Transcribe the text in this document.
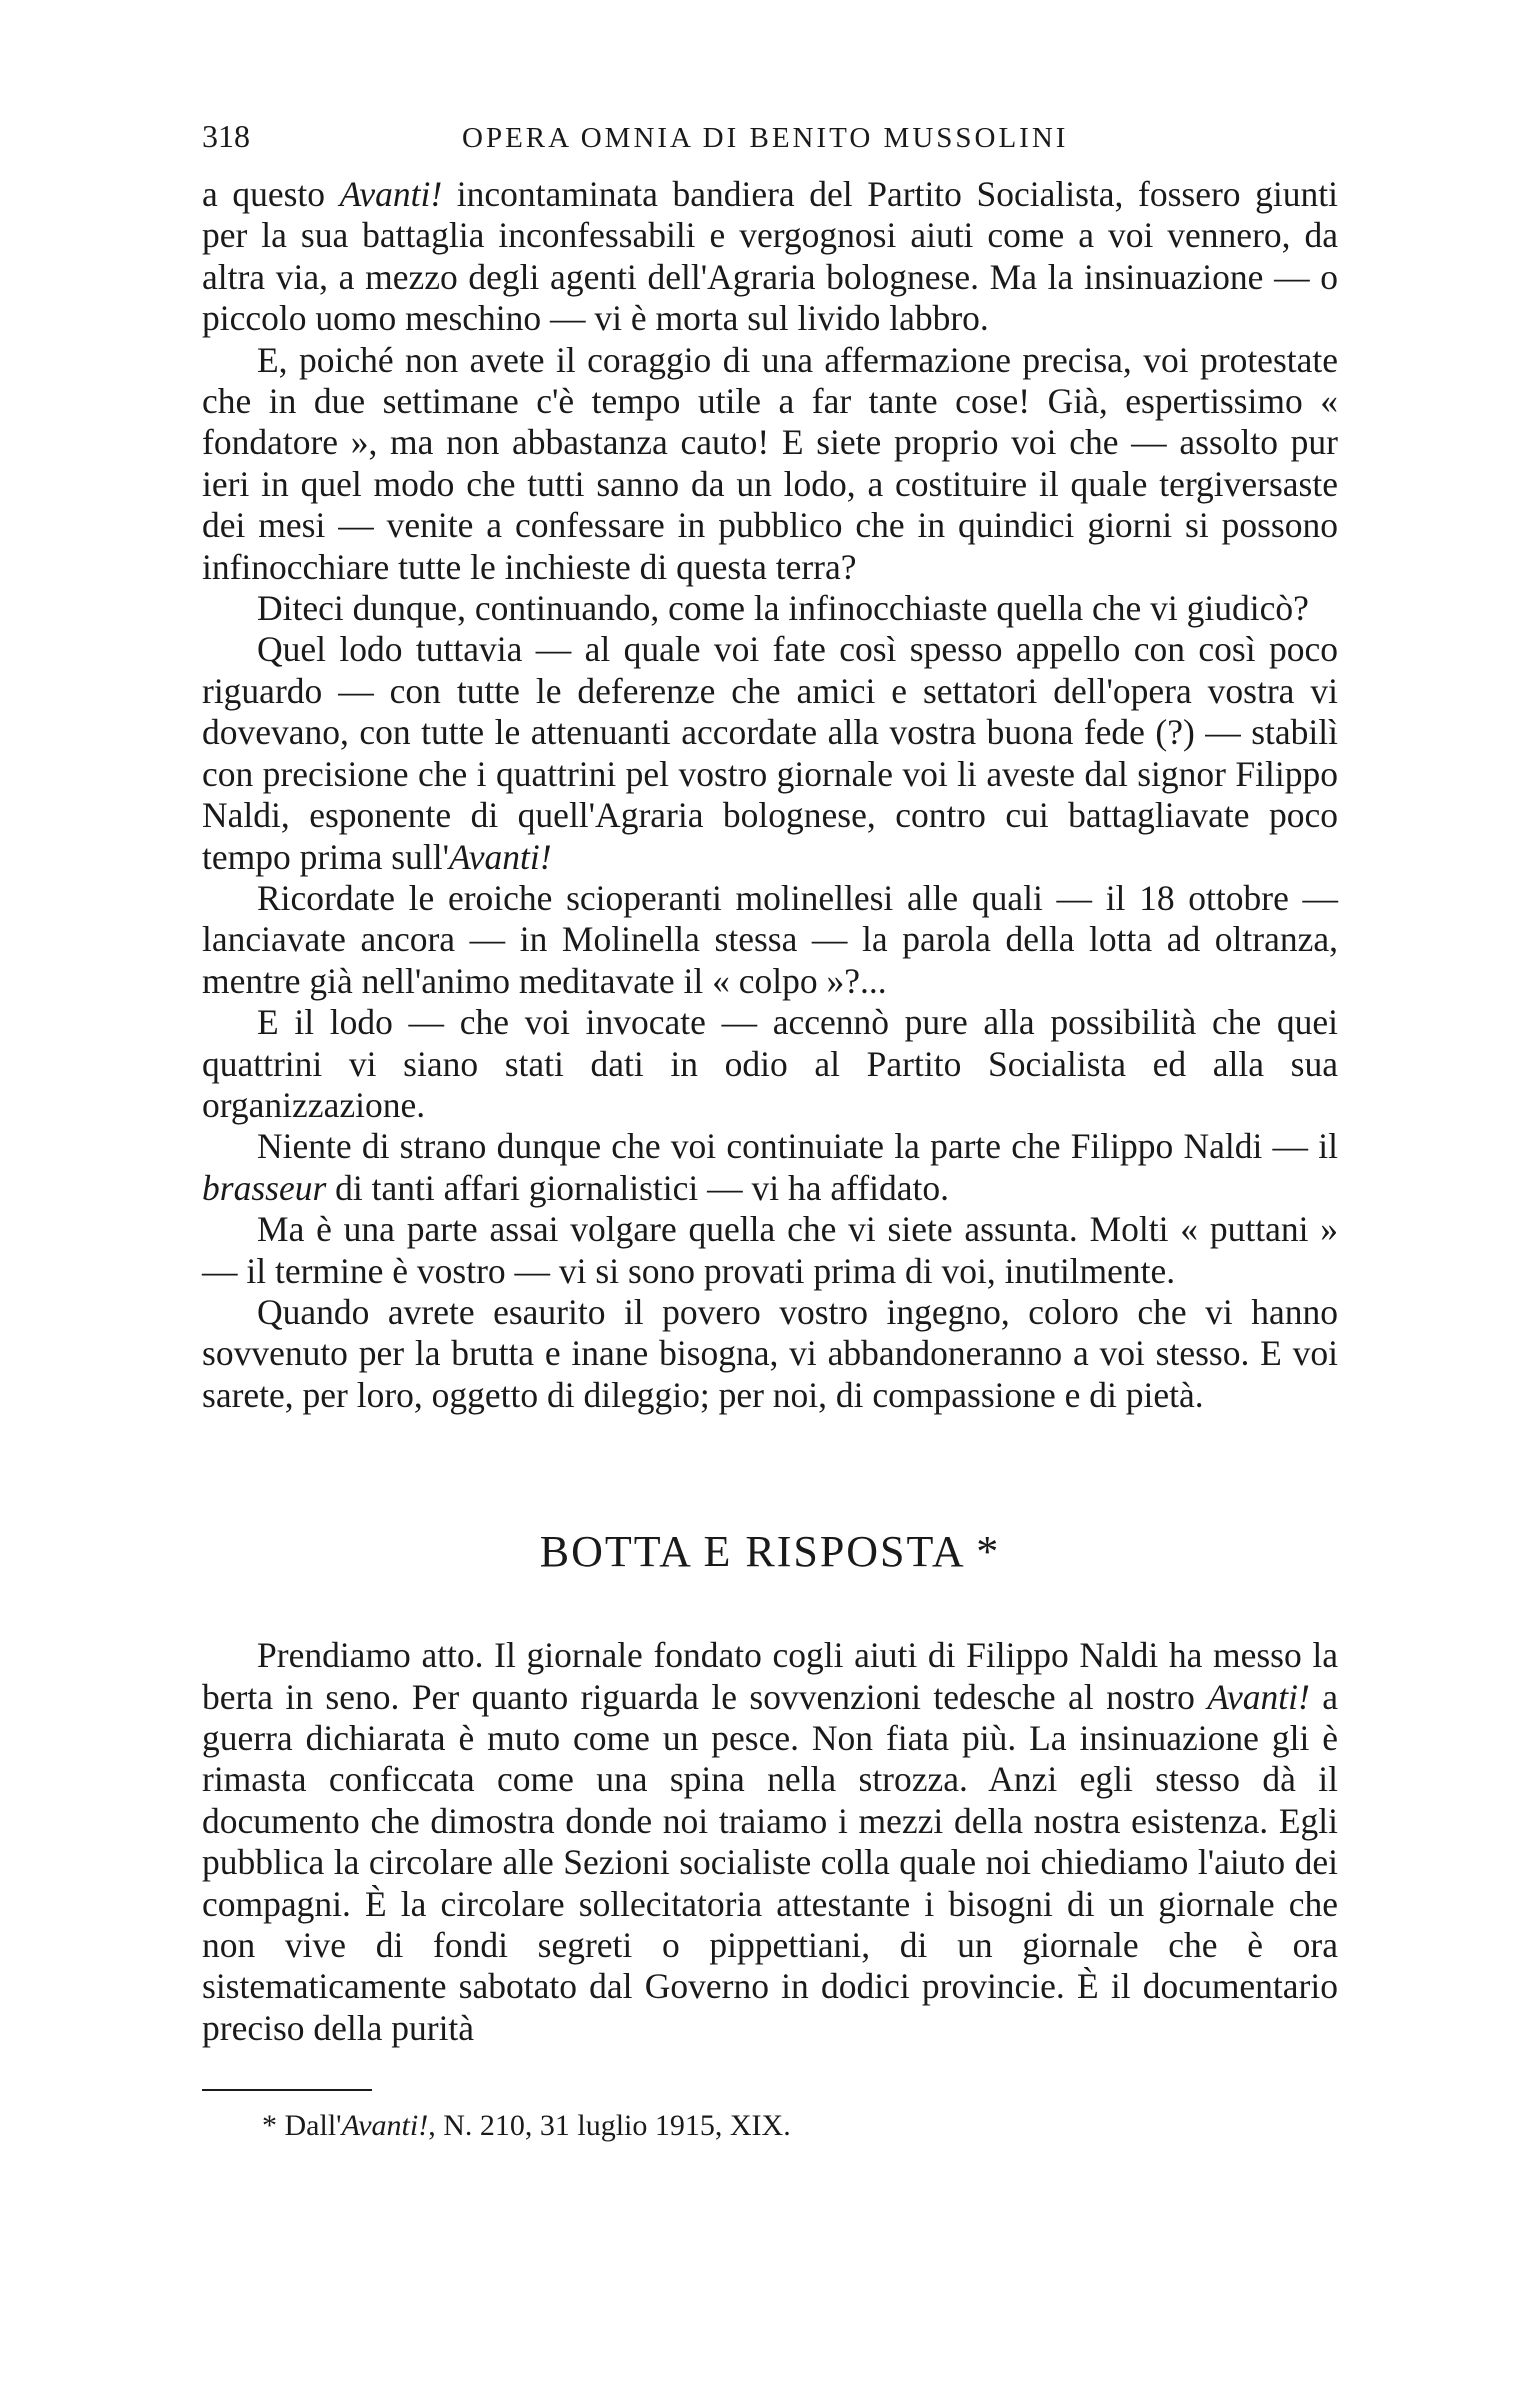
318	OPERA OMNIA DI BENITO MUSSOLINI

a questo Avanti! incontaminata bandiera del Partito Socialista, fossero giunti per la sua battaglia inconfessabili e vergognosi aiuti come a voi vennero, da altra via, a mezzo degli agenti dell'Agraria bolognese. Ma la insinuazione — o piccolo uomo meschino — vi è morta sul livido labbro.

E, poiché non avete il coraggio di una affermazione precisa, voi protestate che in due settimane c'è tempo utile a far tante cose! Già, espertissimo « fondatore », ma non abbastanza cauto! E siete proprio voi che — assolto pur ieri in quel modo che tutti sanno da un lodo, a costituire il quale tergiversaste dei mesi — venite a confessare in pubblico che in quindici giorni si possono infinocchiare tutte le inchieste di questa terra?

Diteci dunque, continuando, come la infinocchiaste quella che vi giudicò?

Quel lodo tuttavia — al quale voi fate così spesso appello con così poco riguardo — con tutte le deferenze che amici e settatori dell'opera vostra vi dovevano, con tutte le attenuanti accordate alla vostra buona fede (?) — stabilì con precisione che i quattrini pel vostro giornale voi li aveste dal signor Filippo Naldi, esponente di quell'Agraria bolognese, contro cui battagliavate poco tempo prima sull'Avanti!

Ricordate le eroiche scioperanti molinellesi alle quali — il 18 ottobre — lanciavate ancora — in Molinella stessa — la parola della lotta ad oltranza, mentre già nell'animo meditavate il « colpo »?...

E il lodo — che voi invocate — accennò pure alla possibilità che quei quattrini vi siano stati dati in odio al Partito Socialista ed alla sua organizzazione.

Niente di strano dunque che voi continuiate la parte che Filippo Naldi — il brasseur di tanti affari giornalistici — vi ha affidato.

Ma è una parte assai volgare quella che vi siete assunta. Molti « puttani » — il termine è vostro — vi si sono provati prima di voi, inutilmente.

Quando avrete esaurito il povero vostro ingegno, coloro che vi hanno sovvenuto per la brutta e inane bisogna, vi abbandoneranno a voi stesso. E voi sarete, per loro, oggetto di dileggio; per noi, di compassione e di pietà.

BOTTA E RISPOSTA *

Prendiamo atto. Il giornale fondato cogli aiuti di Filippo Naldi ha messo la berta in seno. Per quanto riguarda le sovvenzioni tedesche al nostro Avanti! a guerra dichiarata è muto come un pesce. Non fiata più. La insinuazione gli è rimasta conficcata come una spina nella strozza. Anzi egli stesso dà il documento che dimostra donde noi traiamo i mezzi della nostra esistenza. Egli pubblica la circolare alle Sezioni socialiste colla quale noi chiediamo l'aiuto dei compagni. È la circolare sollecitatoria attestante i bisogni di un giornale che non vive di fondi segreti o pippettiani, di un giornale che è ora sistematicamente sabotato dal Governo in dodici provincie. È il documentario preciso della purità

* Dall'Avanti!, N. 210, 31 luglio 1915, XIX.
